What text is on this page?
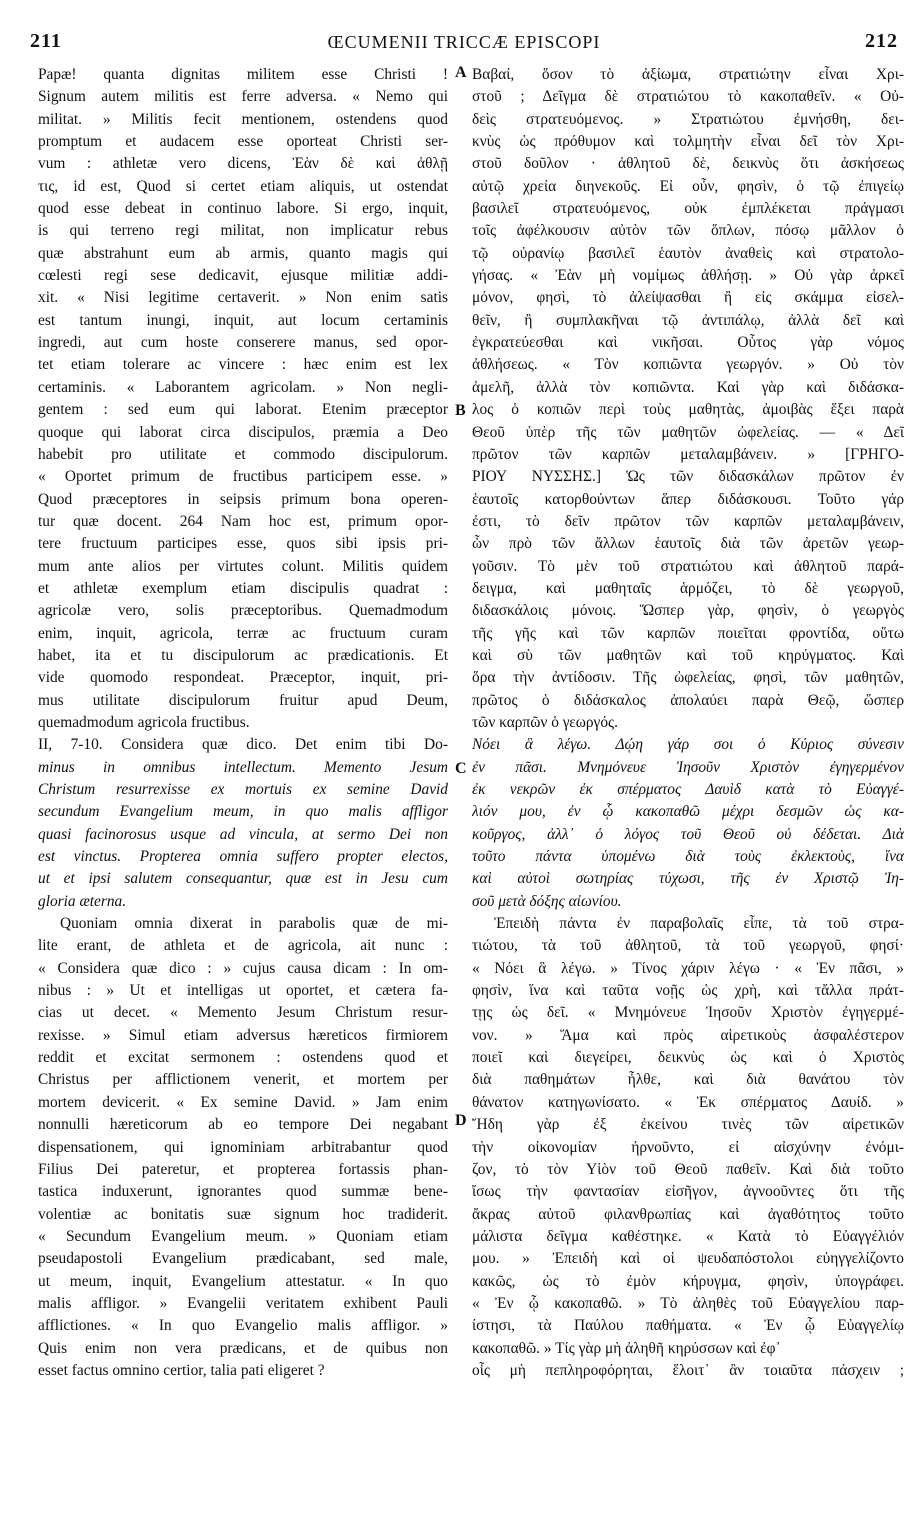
211	ŒCUMENII TRICCÆ EPISCOPI	212
Papæ! quanta dignitas militem esse Christi !
Signum autem militis est ferre adversa. « Nemo qui
militat. » Militis fecit mentionem, ostendens quod
promptum et audacem esse oporteat Christi ser-
vum : athletæ vero dicens, Ἐὰν δὲ καὶ ἀθλῇ
τις, id est, Quod si certet etiam aliquis, ut ostendat
quod esse debeat in continuo labore. Si ergo, inquit,
is qui terreno regi militat, non implicatur rebus
quæ abstrahunt eum ab armis, quanto magis qui
cœlesti regi sese dedicavit, ejusque militiæ addi-
xit. « Nisi legitime certaverit. » Non enim satis
est tantum inungi, inquit, aut locum certaminis
ingredi, aut cum hoste conserere manus, sed opor-
tet etiam tolerare ac vincere : hæc enim est lex
certaminis. « Laborantem agricolam. » Non negli-
gentem : sed eum qui laborat. Etenim præceptor
quoque qui laborat circa discipulos, præmia a Deo
habebit pro utilitate et commodo discipulorum.
« Oportet primum de fructibus participem esse. »
Quod præceptores in seipsis primum bona operen-
tur quæ docent. 264 Nam hoc est, primum opor-
tere fructuum participes esse, quos sibi ipsis pri-
mum ante alios per virtutes colunt. Militis quidem
et athletæ exemplum etiam discipulis quadrat :
agricolæ vero, solis præceptoribus. Quemadmodum
enim, inquit, agricola, terræ ac fructuum curam
habet, ita et tu discipulorum ac prædicationis. Et
vide quomodo respondeat. Præceptor, inquit, pri-
mus utilitate discipulorum fruitur apud Deum,
quemadmodum agricola fructibus.
II, 7-10. Considera quæ dico. Det enim tibi Do-
minus in omnibus intellectum. Memento Jesum
Christum resurrexisse ex mortuis ex semine David
secundum Evangelium meum, in quo malis affligor
quasi facinorosus usque ad vincula, at sermo Dei non
est vinctus. Propterea omnia suffero propter electos,
ut et ipsi salutem consequantur, quæ est in Jesu cum
gloria æterna.
Quoniam omnia dixerat in parabolis quæ de mi-
lite erant, de athleta et de agricola, ait nunc :
« Considera quæ dico : » cujus causa dicam : In om-
nibus : » Ut et intelligas ut oportet, et cætera fa-
cias ut decet. « Memento Jesum Christum resur-
rexisse. » Simul etiam adversus hæreticos firmiorem
reddit et excitat sermonem : ostendens quod et
Christus per afflictionem venerit, et mortem per
mortem devicerit. « Ex semine David. » Jam enim
nonnulli hæreticorum ab eo tempore Dei negabant
dispensationem, qui ignominiam arbitrabantur quod
Filius Dei pateretur, et propterea fortassis phan-
tastica induxerunt, ignorantes quod summæ bene-
volentiæ ac bonitatis suæ signum hoc tradiderit.
« Secundum Evangelium meum. » Quoniam etiam
pseudapostoli Evangelium prædicabant, sed male,
ut meum, inquit, Evangelium attestatur. « In quo
malis affligor. » Evangelii veritatem exhibent Pauli
afflictiones. « In quo Evangelio malis affligor. »
Quis enim non vera prædicans, et de quibus non
esset factus omnino certior, talia pati eligeret ?
Βαβαί, ὅσον τὸ ἀξίωμα, στρατιώτην εἶναι Χρι-
στοῦ ; Δεῖγμα δὲ στρατιώτου τὸ κακοπαθεῖν. « Οὐ-
δεὶς στρατευόμενος. » Στρατιώτου ἐμνήσθη, δει-
κνὺς ὡς πρόθυμον καὶ τολμητὴν εἶναι δεῖ τὸν Χρι-
στοῦ δοῦλον · ἀθλητοῦ δὲ, δεικνὺς ὅτι ἀσκήσεως
αὐτῷ χρεία διηνεκοῦς. Εἰ οὖν, φησὶν, ὁ τῷ ἐπιγείῳ
βασιλεῖ στρατευόμενος, οὐκ ἐμπλέκεται πράγμασι
τοῖς ἀφέλκουσιν αὐτὸν τῶν ὅπλων, πόσῳ μᾶλλον ὁ
τῷ οὐρανίῳ βασιλεῖ ἑαυτὸν ἀναθεὶς καὶ στρατολο-
γήσας. « Ἐὰν μὴ νομίμως ἀθλήσῃ. » Οὐ γὰρ ἀρκεῖ
μόνον, φησὶ, τὸ ἀλείψασθαι ἢ εἰς σκάμμα εἰσελ-
θεῖν, ἢ συμπλακῆναι τῷ ἀντιπάλῳ, ἀλλὰ δεῖ καὶ
ἐγκρατεύεσθαι καὶ νικῆσαι. Οὗτος γὰρ νόμος
ἀθλήσεως. « Τὸν κοπιῶντα γεωργόν. » Οὐ τὸν
ἀμελῆ, ἀλλὰ τὸν κοπιῶντα. Καὶ γὰρ καὶ διδάσκα-
λος ὁ κοπιῶν περὶ τοὺς μαθητὰς, ἀμοιβὰς ἕξει παρὰ
Θεοῦ ὑπὲρ τῆς τῶν μαθητῶν ὠφελείας. — « Δεῖ
πρῶτον τῶν καρπῶν μεταλαμβάνειν. » [ΓΡΗΓΟ-
ΡΙΟΥ ΝΥΣΣΗΣ.] Ὡς τῶν διδασκάλων πρῶτον ἐν
ἑαυτοῖς κατορθούντων ἅπερ διδάσκουσι. Τοῦτο γάρ
ἐστι, τὸ δεῖν πρῶτον τῶν καρπῶν μεταλαμβάνειν,
ὧν πρὸ τῶν ἄλλων ἑαυτοῖς διὰ τῶν ἀρετῶν γεωρ-
γοῦσιν. Τὸ μὲν τοῦ στρατιώτου καὶ ἀθλητοῦ παρά-
δειγμα, καὶ μαθηταῖς ἁρμόζει, τὸ δὲ γεωργοῦ,
διδασκάλοις μόνοις. Ὥσπερ γὰρ, φησὶν, ὁ γεωργὸς
τῆς γῆς καὶ τῶν καρπῶν ποιεῖται φροντίδα, οὕτω
καὶ σὺ τῶν μαθητῶν καὶ τοῦ κηρύγματος. Καὶ
ὅρα τὴν ἀντίδοσιν. Τῆς ὠφελείας, φησὶ, τῶν μαθητῶν,
πρῶτος ὁ διδάσκαλος ἀπολαύει παρὰ Θεῷ, ὥσπερ
τῶν καρπῶν ὁ γεωργός.
Νόει ἃ λέγω. Δῴη γάρ σοι ὁ Κύριος σύνεσιν
ἐν πᾶσι. Μνημόνευε Ἰησοῦν Χριστὸν ἐγηγερμένον
ἐκ νεκρῶν ἐκ σπέρματος Δαυὶδ κατὰ τὸ Εὐαγγέ-
λιόν μου, ἐν ᾧ κακοπαθῶ μέχρι δεσμῶν ὡς κα-
κοῦργος, ἀλλ᾽ ὁ λόγος τοῦ Θεοῦ οὐ δέδεται. Διὰ
τοῦτο πάντα ὑπομένω διὰ τοὺς ἐκλεκτοὺς, ἵνα
καὶ αὐτοὶ σωτηρίας τύχωσι, τῆς ἐν Χριστῷ Ἰη-
σοῦ μετὰ δόξης αἰωνίου.
Ἐπειδὴ πάντα ἐν παραβολαῖς εἶπε, τὰ τοῦ στρα-
τιώτου, τὰ τοῦ ἀθλητοῦ, τὰ τοῦ γεωργοῦ, φησί·
« Νόει ἃ λέγω. » Τίνος χάριν λέγω · « Ἐν πᾶσι, »
φησὶν, ἵνα καὶ ταῦτα νοῇς ὡς χρὴ, καὶ τἄλλα πράτ-
τῃς ὡς δεῖ. « Μνημόνευε Ἰησοῦν Χριστὸν ἐγηγερμέ-
νον. » Ἅμα καὶ πρὸς αἱρετικοὺς ἀσφαλέστερον
ποιεῖ καὶ διεγείρει, δεικνὺς ὡς καὶ ὁ Χριστὸς
διὰ παθημάτων ἦλθε, καὶ διὰ θανάτου τὸν
θάνατον κατηγωνίσατο. « Ἐκ σπέρματος Δαυίδ. »
Ἤδη γὰρ ἐξ ἐκείνου τινὲς τῶν αἱρετικῶν
τὴν οἰκονομίαν ἠρνοῦντο, εἰ αἰσχύνην ἐνόμι-
ζον, τὸ τὸν Υἱὸν τοῦ Θεοῦ παθεῖν. Καὶ διὰ τοῦτο
ἴσως τὴν φαντασίαν εἰσῆγον, ἀγνοοῦντες ὅτι τῆς
ἄκρας αὐτοῦ φιλανθρωπίας καὶ ἀγαθότητος τοῦτο
μάλιστα δεῖγμα καθέστηκε. « Κατὰ τὸ Εὐαγγέλιόν
μου. » Ἐπειδὴ καὶ οἱ ψευδαπόστολοι εὐηγγελίζοντο
κακῶς, ὡς τὸ ἐμὸν κήρυγμα, φησὶν, ὑπογράφει.
« Ἐν ᾧ κακοπαθῶ. » Τὸ ἀληθὲς τοῦ Εὐαγγελίου παρ-
ίστησι, τὰ Παύλου παθήματα. « Ἐν ᾧ Εὐαγγελίῳ
κακοπαθῶ. » Τίς γὰρ μὴ ἀληθῆ κηρύσσων καὶ ἐφ᾽
οἷς μὴ πεπληροφόρηται, ἕλοιτ᾽ ἂν τοιαῦτα πάσχειν ;
A
B
C
D
